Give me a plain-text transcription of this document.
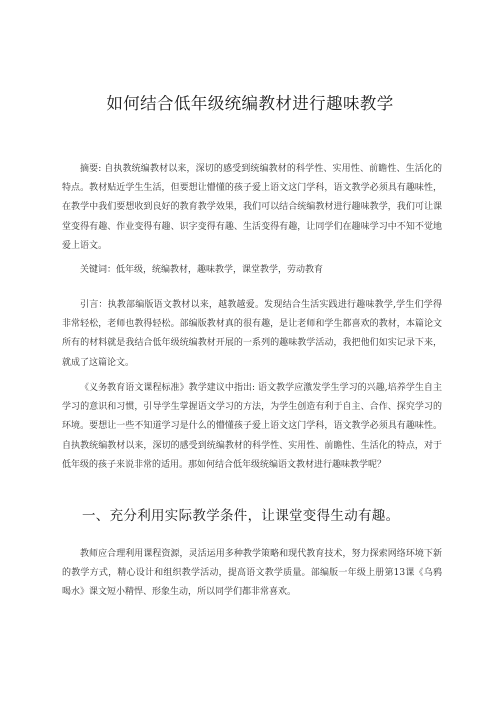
如何结合低年级统编教材进行趣味教学
摘要: 自执教统编教材以来，深切的感受到统编教材的科学性、实用性、前瞻性、生活化的特点。教材贴近学生生活，但要想让懵懂的孩子爱上语文这门学科，语文教学必须具有趣味性，在教学中我们要想收到良好的教育教学效果，我们可以结合统编教材进行趣味教学，我们可让课堂变得有趣、作业变得有趣、识字变得有趣、生活变得有趣，让同学们在趣味学习中不知不觉地爱上语文。
关键词：低年级，统编教材，趣味教学，课堂教学，劳动教育
引言：执教部编版语文教材以来，越教越爱。发现结合生活实践进行趣味教学,学生们学得非常轻松，老师也教得轻松。部编版教材真的很有趣，是让老师和学生都喜欢的教材，本篇论文所有的材料就是我结合低年级统编教材开展的一系列的趣味教学活动，我把他们如实记录下来，就成了这篇论文。
《义务教育语文课程标准》教学建议中指出: 语文教学应激发学生学习的兴趣,培养学生自主学习的意识和习惯，引导学生掌握语文学习的方法，为学生创造有利于自主、合作、探究学习的环境。要想让一些不知道学习是什么的懵懂孩子爱上语文这门学科，语文教学必须具有趣味性。自执教统编教材以来，深切的感受到统编教材的科学性、实用性、前瞻性、生活化的特点，对于低年级的孩子来说非常的适用。那如何结合低年级统编语文教材进行趣味教学呢？
一、充分利用实际教学条件，让课堂变得生动有趣。
教师应合理利用课程资源，灵活运用多种教学策略和现代教育技术，努力探索网络环境下新的教学方式，精心设计和组织教学活动，提高语文教学质量。部编版一年级上册第13课《乌鸦喝水》课文短小精悍、形象生动，所以同学们都非常喜欢。
